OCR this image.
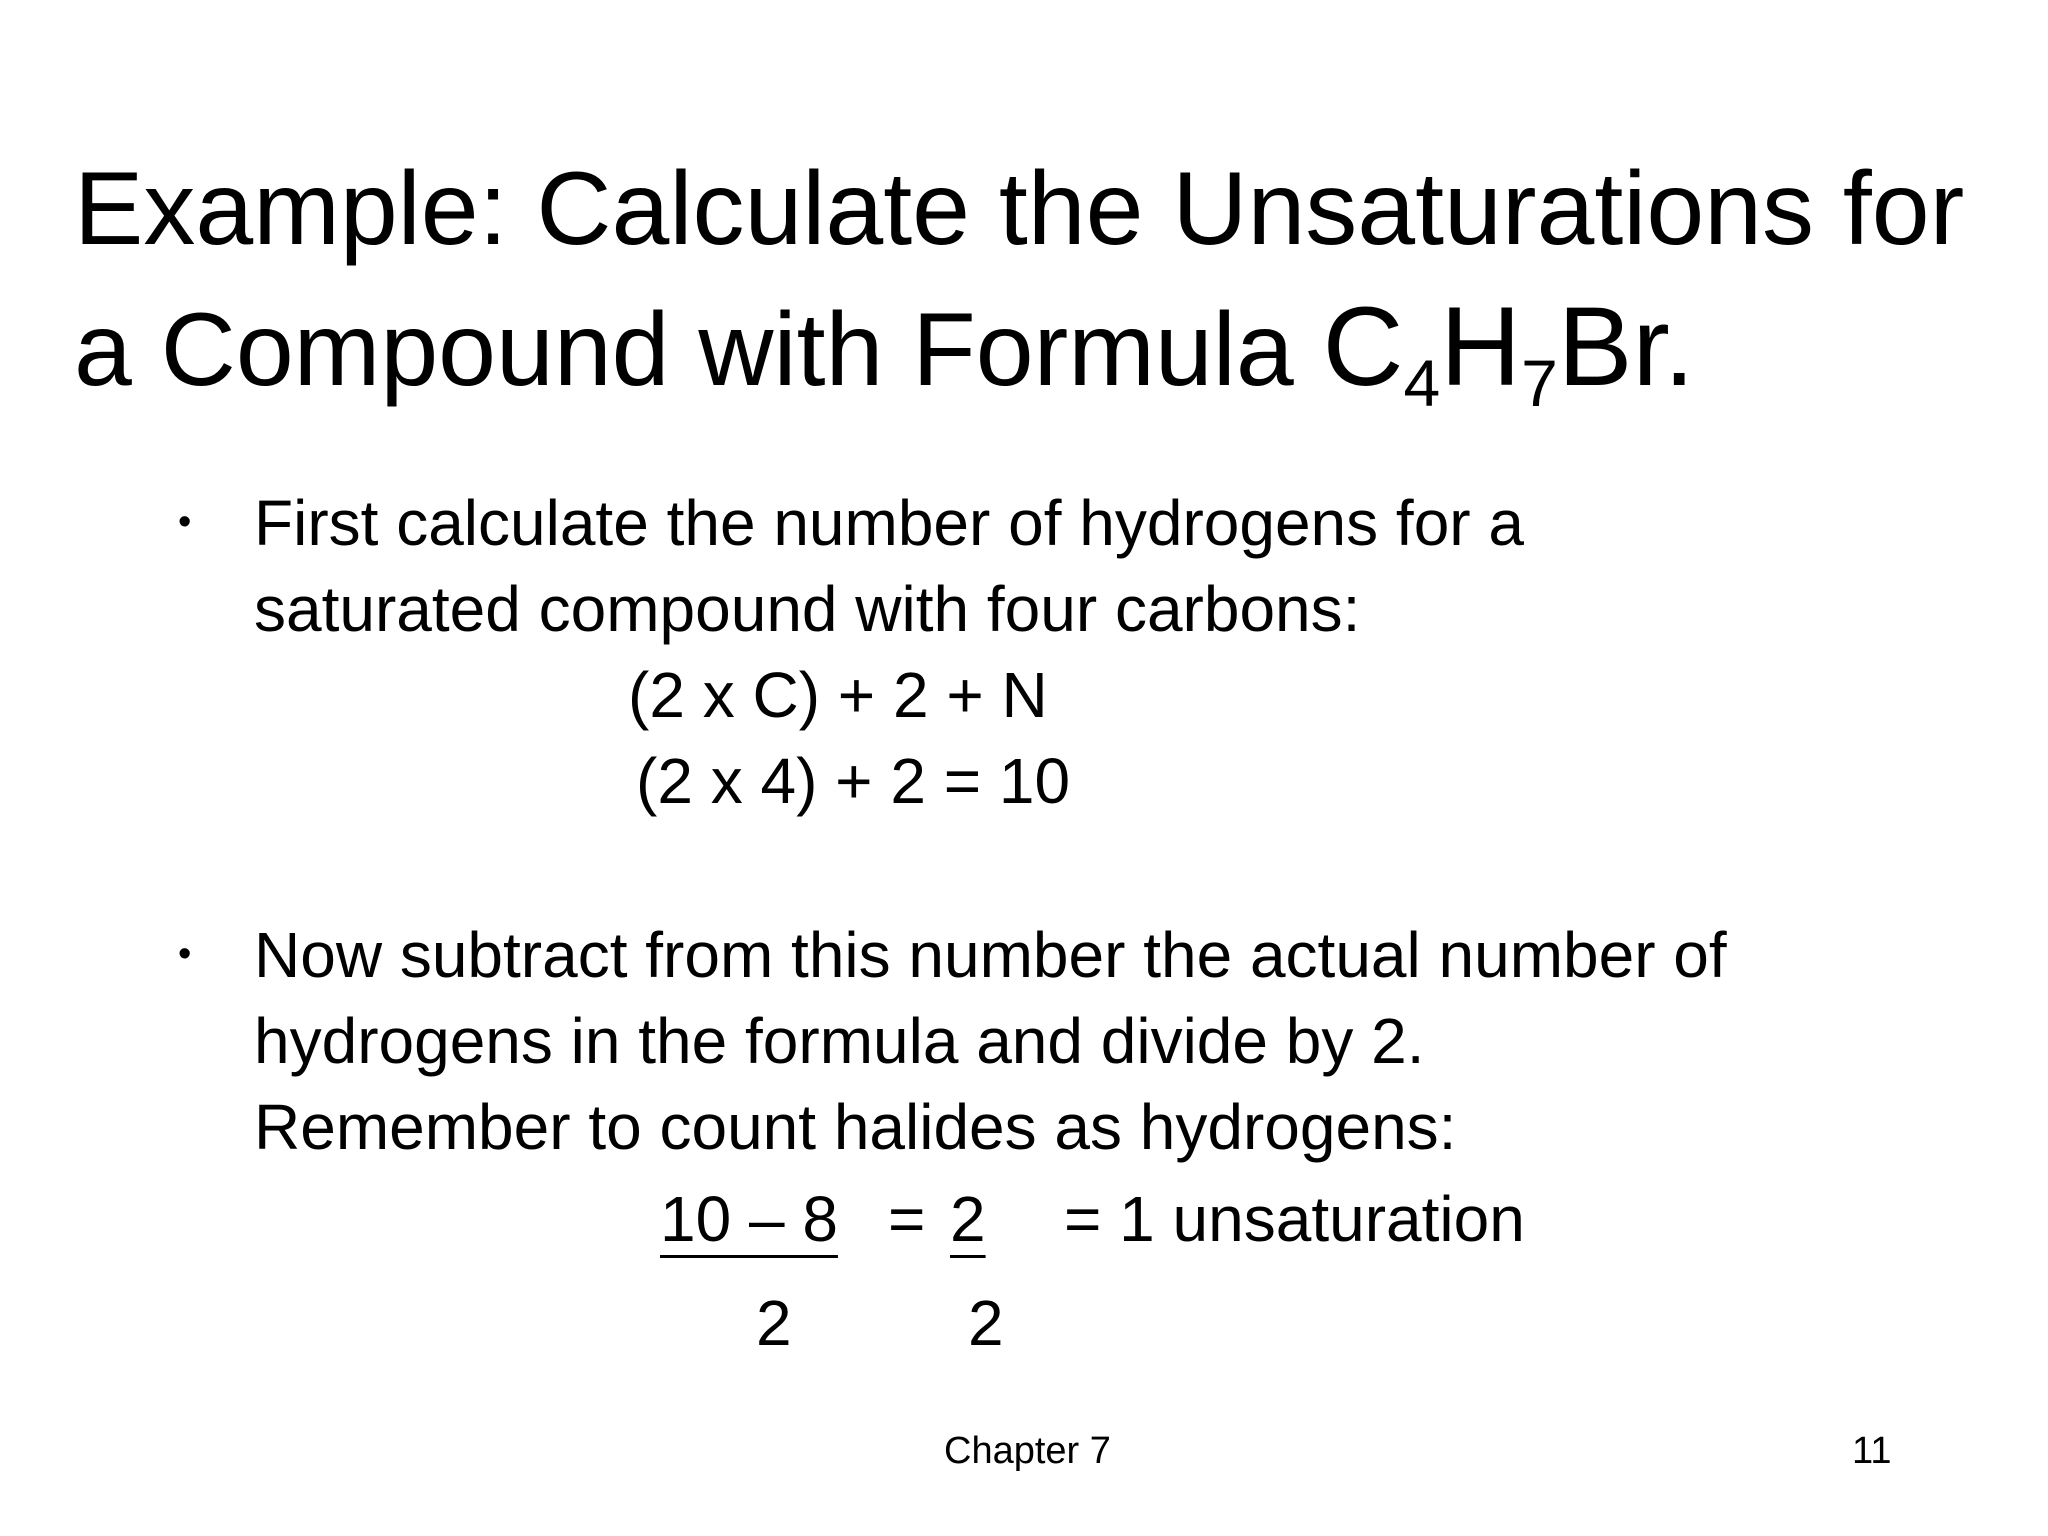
Example: Calculate the Unsaturations for
a Compound with Formula $C_4H_7Br$.
• First calculate the number of hydrogens for a
saturated compound with four carbons:
(2 x C) + 2 + N
(2 x 4) + 2 = 10
• Now subtract from this number the actual number of
hydrogens in the formula and divide by 2.
Remember to count halides as hydrogens:
10 – 8 = 2 = 1 unsaturation
2	2
Chapter 7	11
